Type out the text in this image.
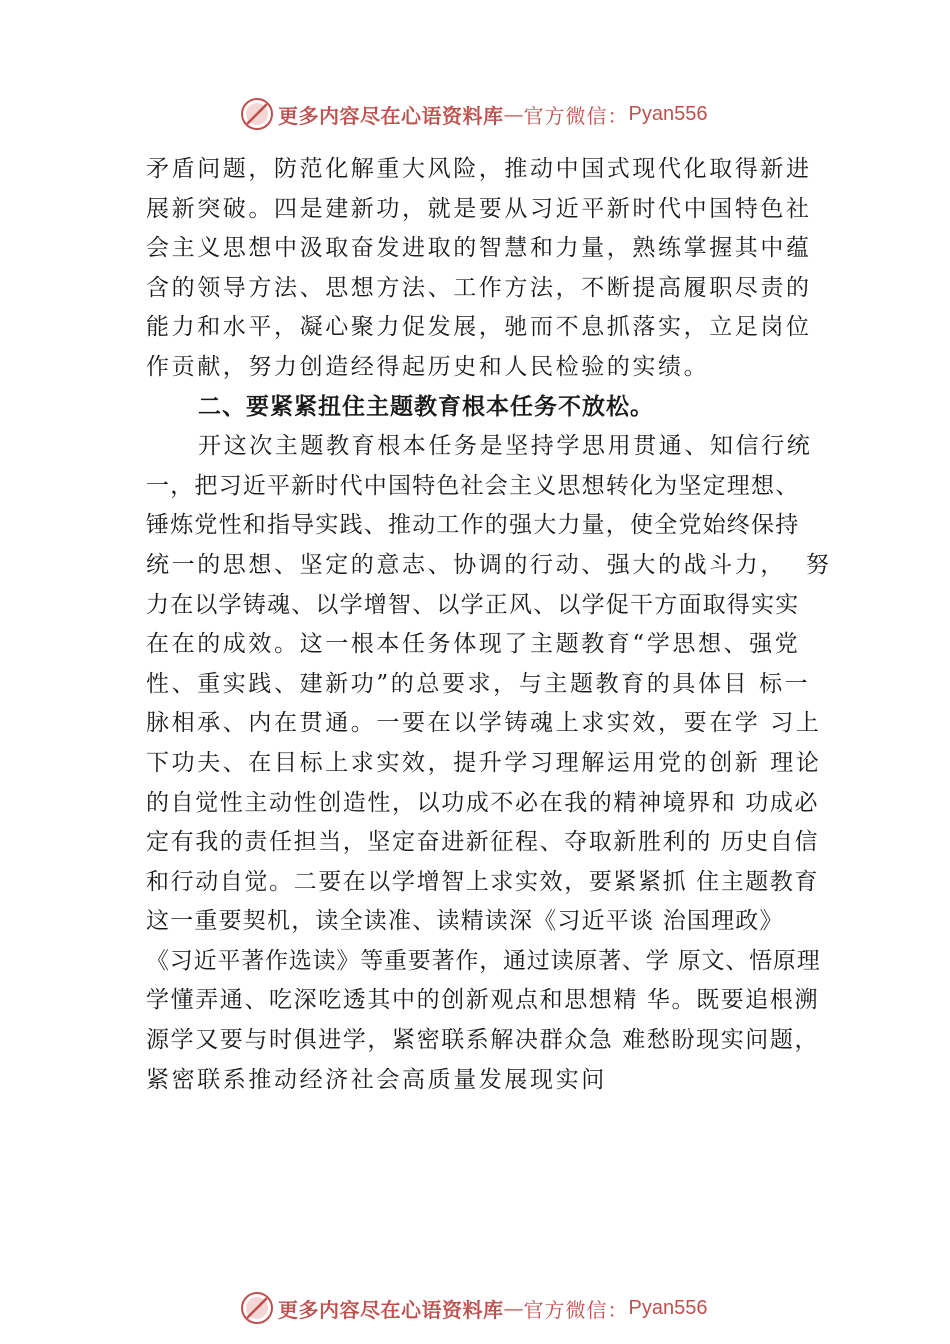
更多内容尽在心语资料库 — 官方微信： Pyan556

矛盾问题，防范化解重大风险，推动中国式现代化取得新进
展新突破。四是建新功，就是要从习近平新时代中国特色社
会主义思想中汲取奋发进取的智慧和力量，熟练掌握其中蕴
含的领导方法、思想方法、工作方法，不断提高履职尽责的
能力和水平，凝心聚力促发展，驰而不息抓落实，立足岗位
作贡献，努力创造经得起历史和人民检验的实绩。

二、要紧紧扭住主题教育根本任务不放松。

开这次主题教育根本任务是坚持学思用贯通、知信行统
一，把习近平新时代中国特色社会主义思想转化为坚定理想、
锤炼党性和指导实践、推动工作的强大力量，使全党始终保持
统一的思想、坚定的意志、协调的行动、强大的战斗力，  努
力在以学铸魂、以学增智、以学正风、以学促干方面取得实实
在在的成效。这一根本任务体现了主题教育“学思想、强党
性、重实践、建新功”的总要求，与主题教育的具体目 标一
脉相承、内在贯通。一要在以学铸魂上求实效，要在学 习上
下功夫、在目标上求实效，提升学习理解运用党的创新 理论
的自觉性主动性创造性，以功成不必在我的精神境界和 功成必
定有我的责任担当，坚定奋进新征程、夺取新胜利的 历史自信
和行动自觉。二要在以学增智上求实效，要紧紧抓 住主题教育
这一重要契机，读全读准、读精读深《习近平谈 治国理政》
《习近平著作选读》等重要著作，通过读原著、学 原文、悟原理
学懂弄通、吃深吃透其中的创新观点和思想精 华。既要追根溯
源学又要与时俱进学，紧密联系解决群众急 难愁盼现实问题，
紧密联系推动经济社会高质量发展现实问

更多内容尽在心语资料库 — 官方微信： Pyan556
